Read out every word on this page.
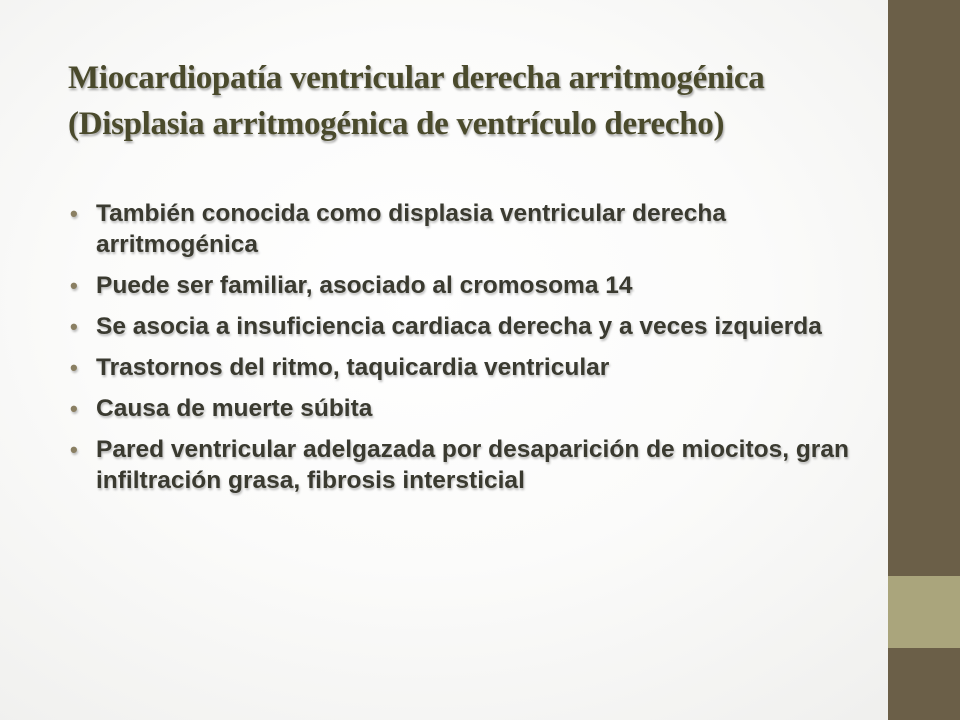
Miocardiopatía ventricular derecha arritmogénica
(Displasia arritmogénica de ventrículo derecho)
• También conocida como displasia ventricular derecha arritmogénica
• Puede ser familiar, asociado al cromosoma 14
• Se asocia a insuficiencia cardiaca derecha y a veces izquierda
• Trastornos del ritmo, taquicardia ventricular
• Causa de muerte súbita
• Pared ventricular adelgazada por desaparición de miocitos, gran infiltración grasa, fibrosis intersticial
